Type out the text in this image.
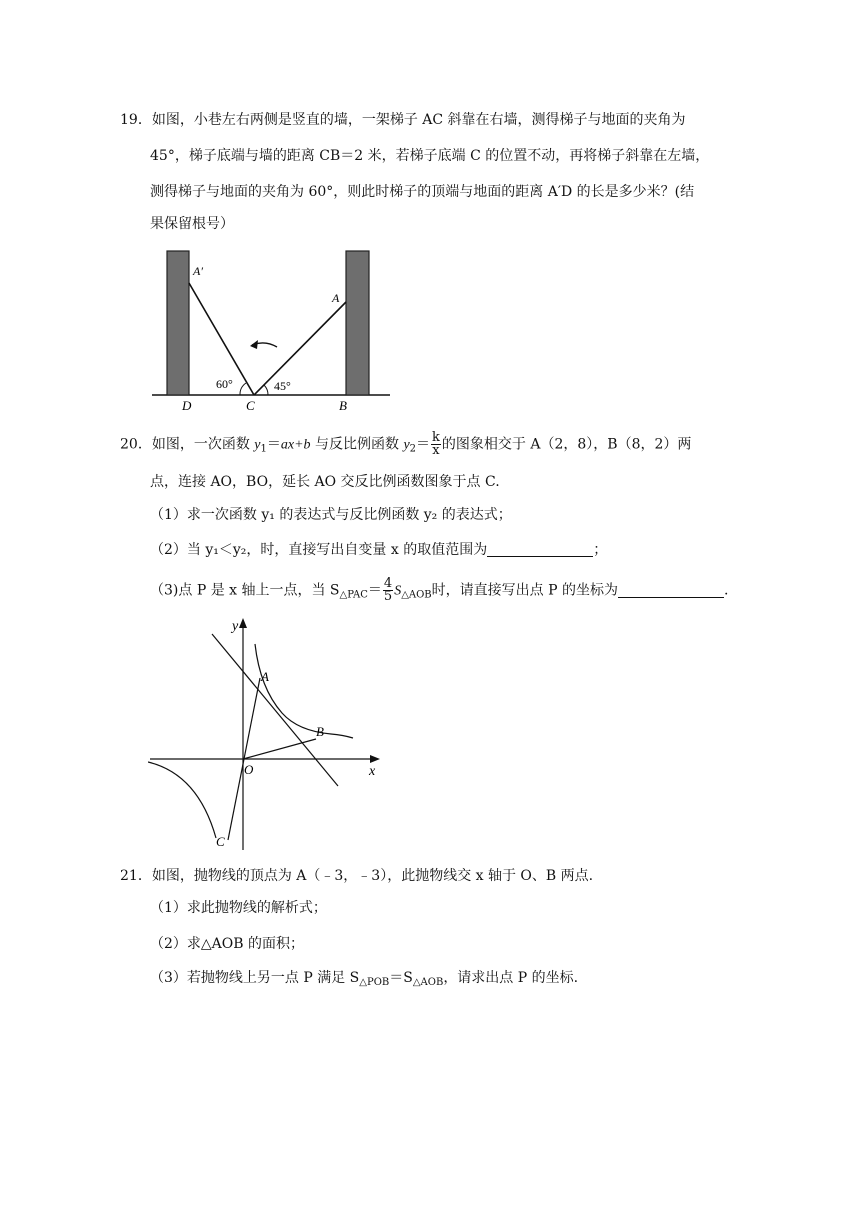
19．如图，小巷左右两侧是竖直的墙，一架梯子 AC 斜靠在右墙，测得梯子与地面的夹角为
45°，梯子底端与墙的距离 CB＝2 米，若梯子底端 C 的位置不动，再将梯子斜靠在左墙，
测得梯子与地面的夹角为 60°，则此时梯子的顶端与地面的距离 A′D 的长是多少米？(结
果保留根号）
A′
A
60°	45°
D	C	B
20．如图，一次函数 $y_1=ax+b$ 与反比例函数 $y_2= \frac{k}{x}$ 的图象相交于 A（2，8），B（8，2）两
点，连接 AO，BO，延长 AO 交反比例函数图象于点 C.
（1）求一次函数 y₁ 的表达式与反比例函数 y₂ 的表达式；
（2）当 y₁＜y₂，时，直接写出自变量 x 的取值范围为	；
（3)点 P 是 x 轴上一点，当 $S_{\triangle PAC}= \frac{4}{5} S_{\triangle AOB}$时，请直接写出点 P 的坐标为	.
y
x
A
B
O
C
21．如图，抛物线的顶点为 A（﹣3，﹣3），此抛物线交 x 轴于 O、B 两点.
（1）求此抛物线的解析式；
（2）求△AOB 的面积；
（3）若抛物线上另一点 P 满足 $S_{\triangle POB}=S_{\triangle AOB}$，请求出点 P 的坐标.
